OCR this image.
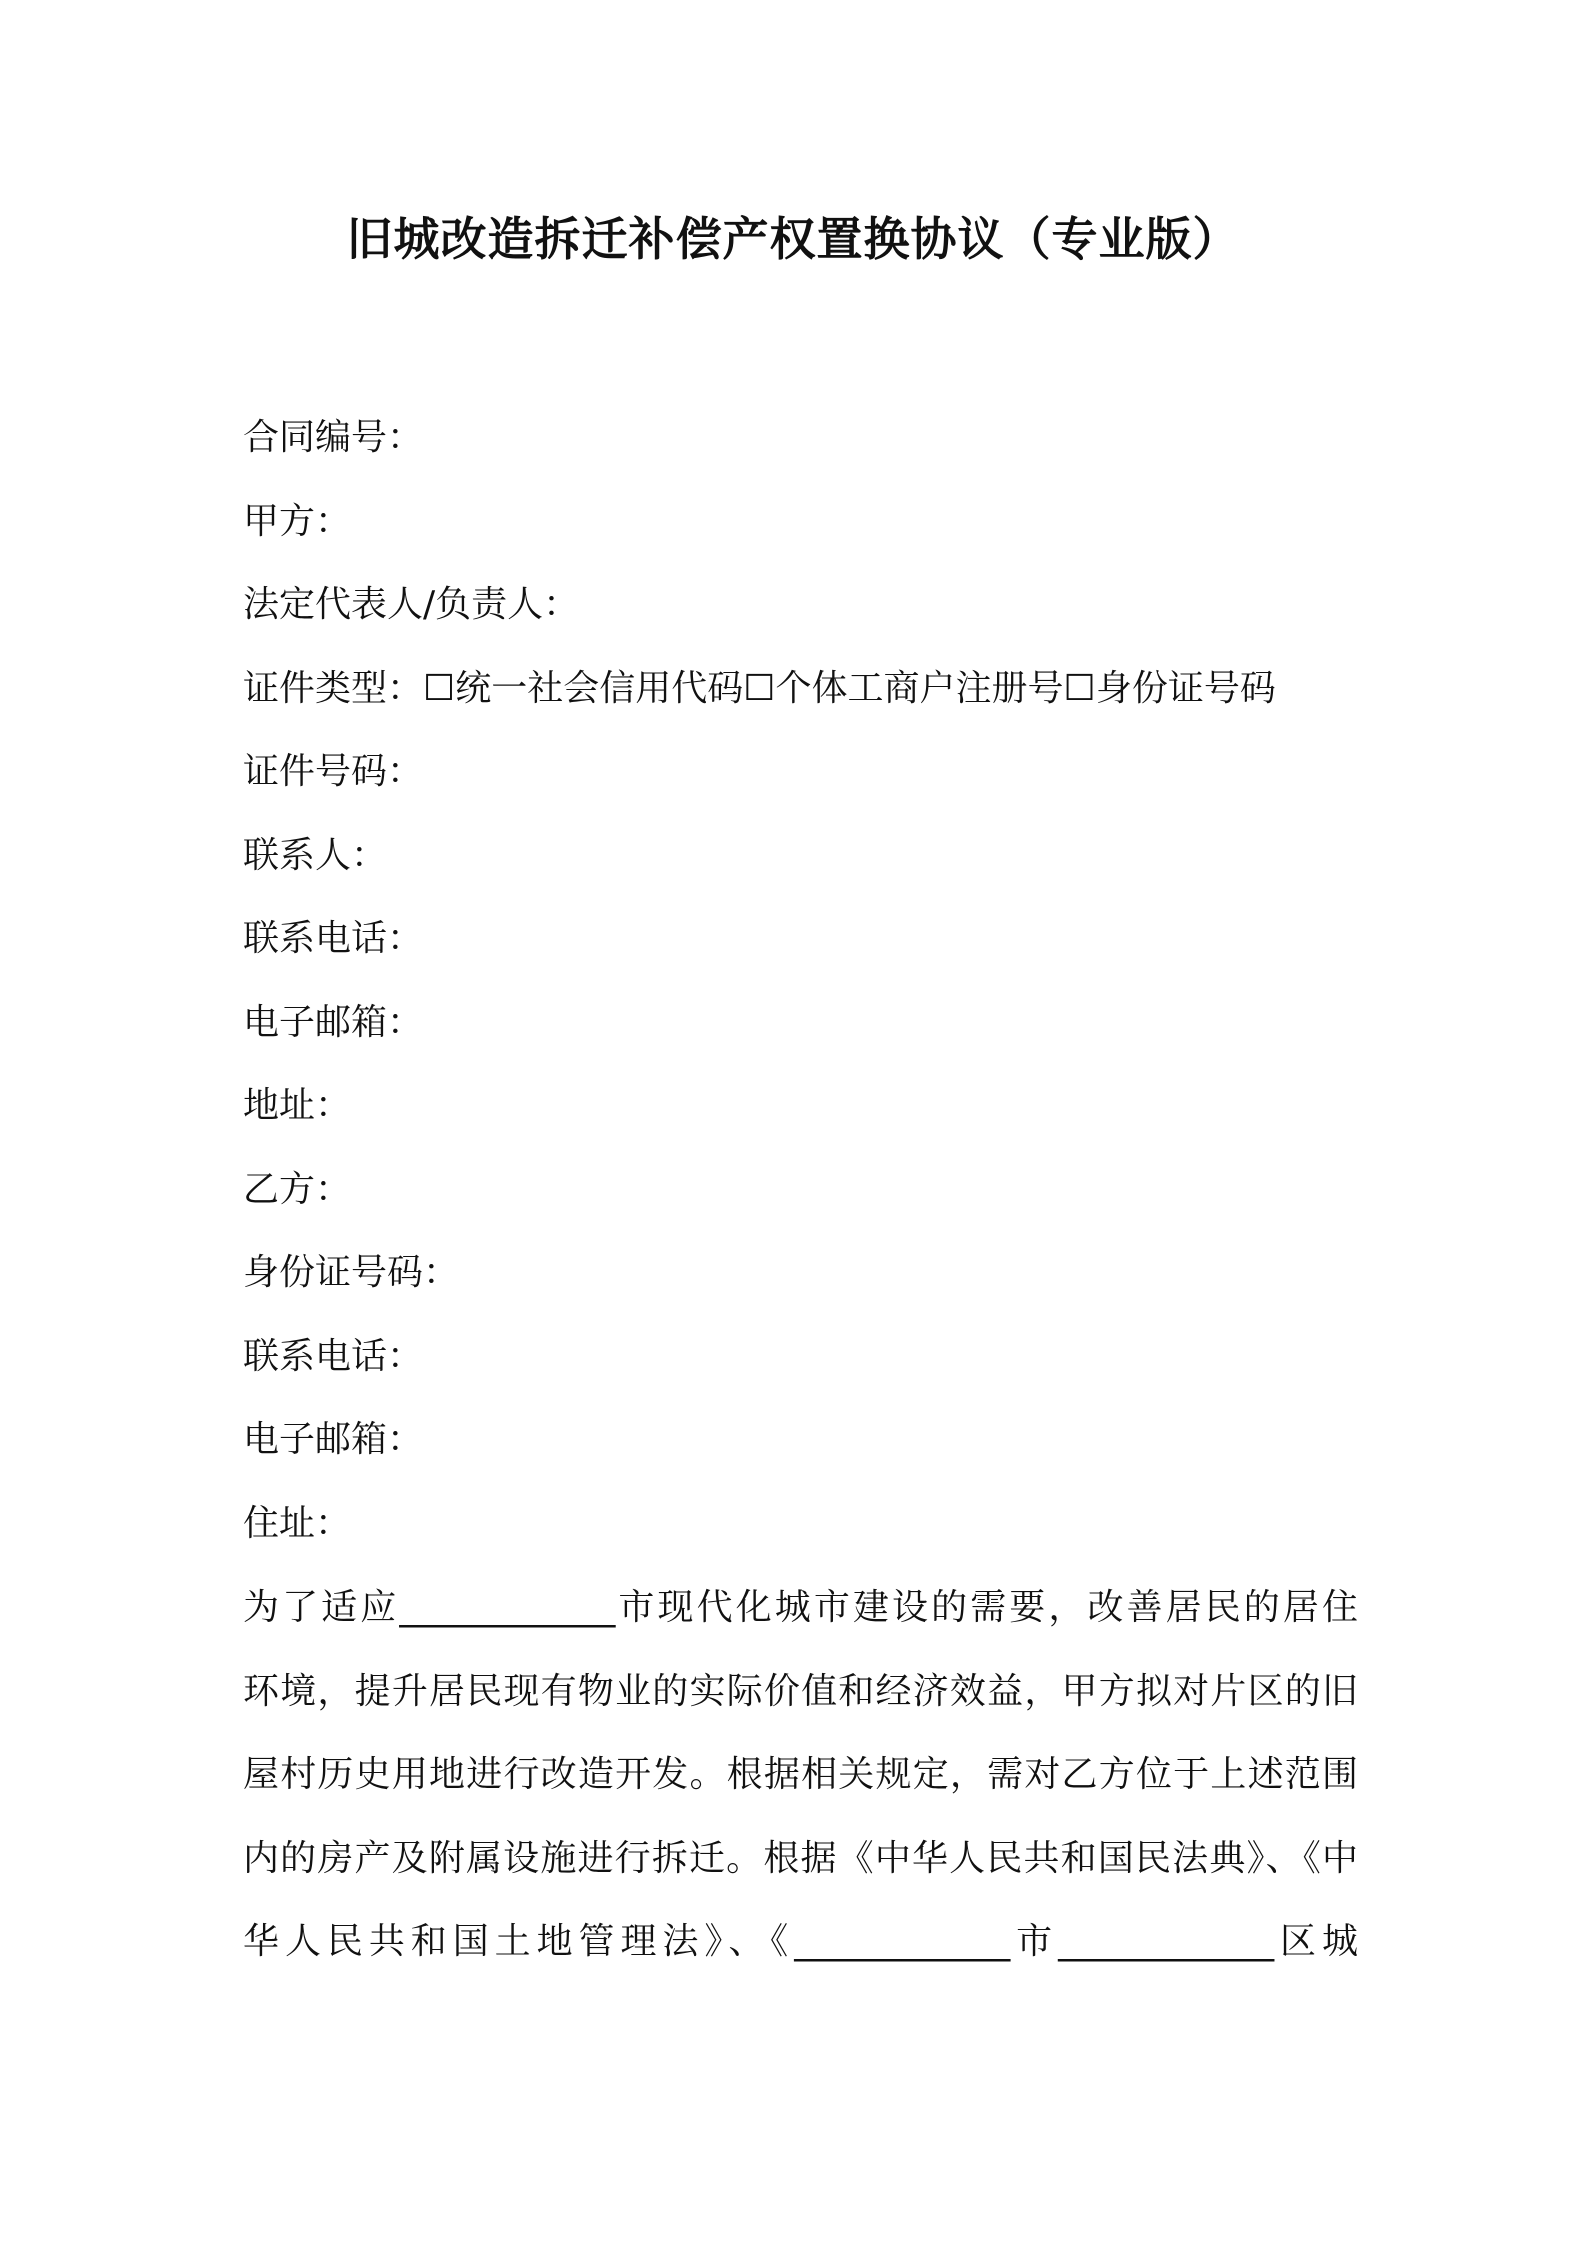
旧城改造拆迁补偿产权置换协议（专业版）
合同编号：
甲方：
法定代表人/负责人：
证件类型：☐统一社会信用代码☐个体工商户注册号☐身份证号码
证件号码：
联系人：
联系电话：
电子邮箱：
地址：
乙方：
身份证号码：
联系电话：
电子邮箱：
住址：
为了适应____________市现代化城市建设的需要，改善居民的居住
环境，提升居民现有物业的实际价值和经济效益，甲方拟对片区的旧
屋村历史用地进行改造开发。根据相关规定，需对乙方位于上述范围
内的房产及附属设施进行拆迁。根据《中华人民共和国民法典》、《中
华人民共和国土地管理法》、《____________市____________区城
